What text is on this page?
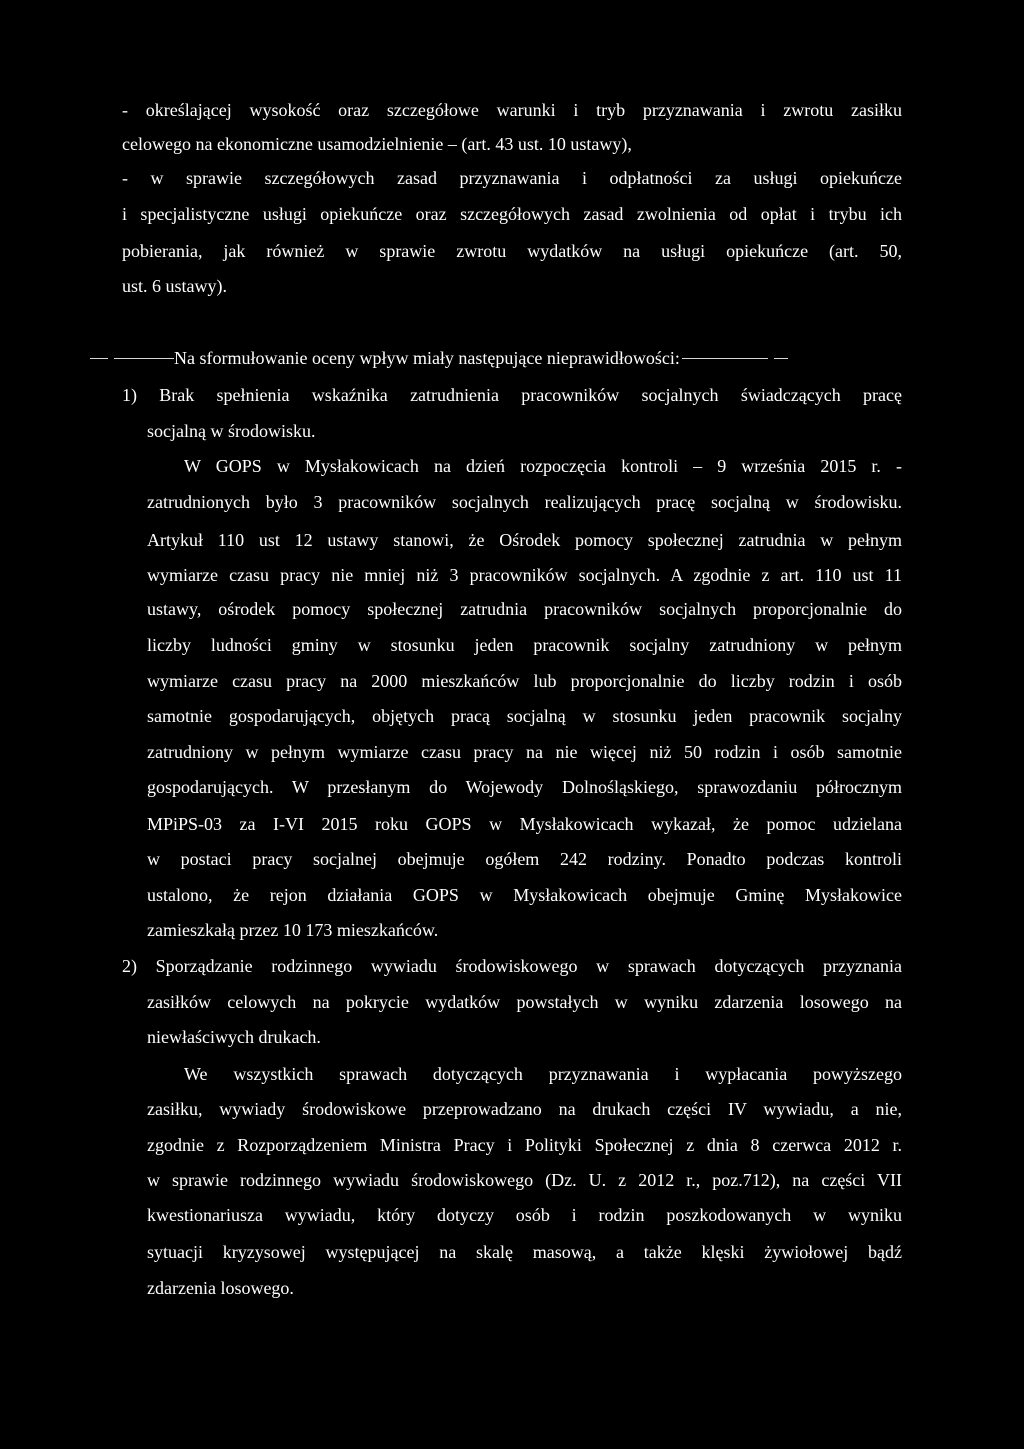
- określającej wysokość oraz szczegółowe warunki i tryb przyznawania i zwrotu zasiłku
celowego na ekonomiczne usamodzielnienie – (art. 43 ust. 10 ustawy),
- w sprawie szczegółowych zasad przyznawania i odpłatności za usługi opiekuńcze
i specjalistyczne usługi opiekuńcze oraz szczegółowych zasad zwolnienia od opłat i trybu ich
pobierania, jak również w sprawie zwrotu wydatków na usługi opiekuńcze (art. 50,
ust. 6 ustawy).
Na sformułowanie oceny wpływ miały następujące nieprawidłowości:
1) Brak spełnienia wskaźnika zatrudnienia pracowników socjalnych świadczących pracę
socjalną w środowisku.
W GOPS w Mysłakowicach na dzień rozpoczęcia kontroli – 9 września 2015 r. -
zatrudnionych było 3 pracowników socjalnych realizujących pracę socjalną w środowisku.
Artykuł 110 ust 12 ustawy stanowi, że Ośrodek pomocy społecznej zatrudnia w pełnym
wymiarze czasu pracy nie mniej niż 3 pracowników socjalnych. A zgodnie z art. 110 ust 11
ustawy, ośrodek pomocy społecznej zatrudnia pracowników socjalnych proporcjonalnie do
liczby ludności gminy w stosunku jeden pracownik socjalny zatrudniony w pełnym
wymiarze czasu pracy na 2000 mieszkańców lub proporcjonalnie do liczby rodzin i osób
samotnie gospodarujących, objętych pracą socjalną w stosunku jeden pracownik socjalny
zatrudniony w pełnym wymiarze czasu pracy na nie więcej niż 50 rodzin i osób samotnie
gospodarujących. W przesłanym do Wojewody Dolnośląskiego, sprawozdaniu półrocznym
MPiPS-03 za I-VI 2015 roku GOPS w Mysłakowicach wykazał, że pomoc udzielana
w postaci pracy socjalnej obejmuje ogółem 242 rodziny. Ponadto podczas kontroli
ustalono, że rejon działania GOPS w Mysłakowicach obejmuje Gminę Mysłakowice
zamieszkałą przez 10 173 mieszkańców.
2) Sporządzanie rodzinnego wywiadu środowiskowego w sprawach dotyczących przyznania
zasiłków celowych na pokrycie wydatków powstałych w wyniku zdarzenia losowego na
niewłaściwych drukach.
We wszystkich sprawach dotyczących przyznawania i wypłacania powyższego
zasiłku, wywiady środowiskowe przeprowadzano na drukach części IV wywiadu, a nie,
zgodnie z Rozporządzeniem Ministra Pracy i Polityki Społecznej z dnia 8 czerwca 2012 r.
w sprawie rodzinnego wywiadu środowiskowego (Dz. U. z 2012 r., poz.712), na części VII
kwestionariusza wywiadu, który dotyczy osób i rodzin poszkodowanych w wyniku
sytuacji kryzysowej występującej na skalę masową, a także klęski żywiołowej bądź
zdarzenia losowego.
